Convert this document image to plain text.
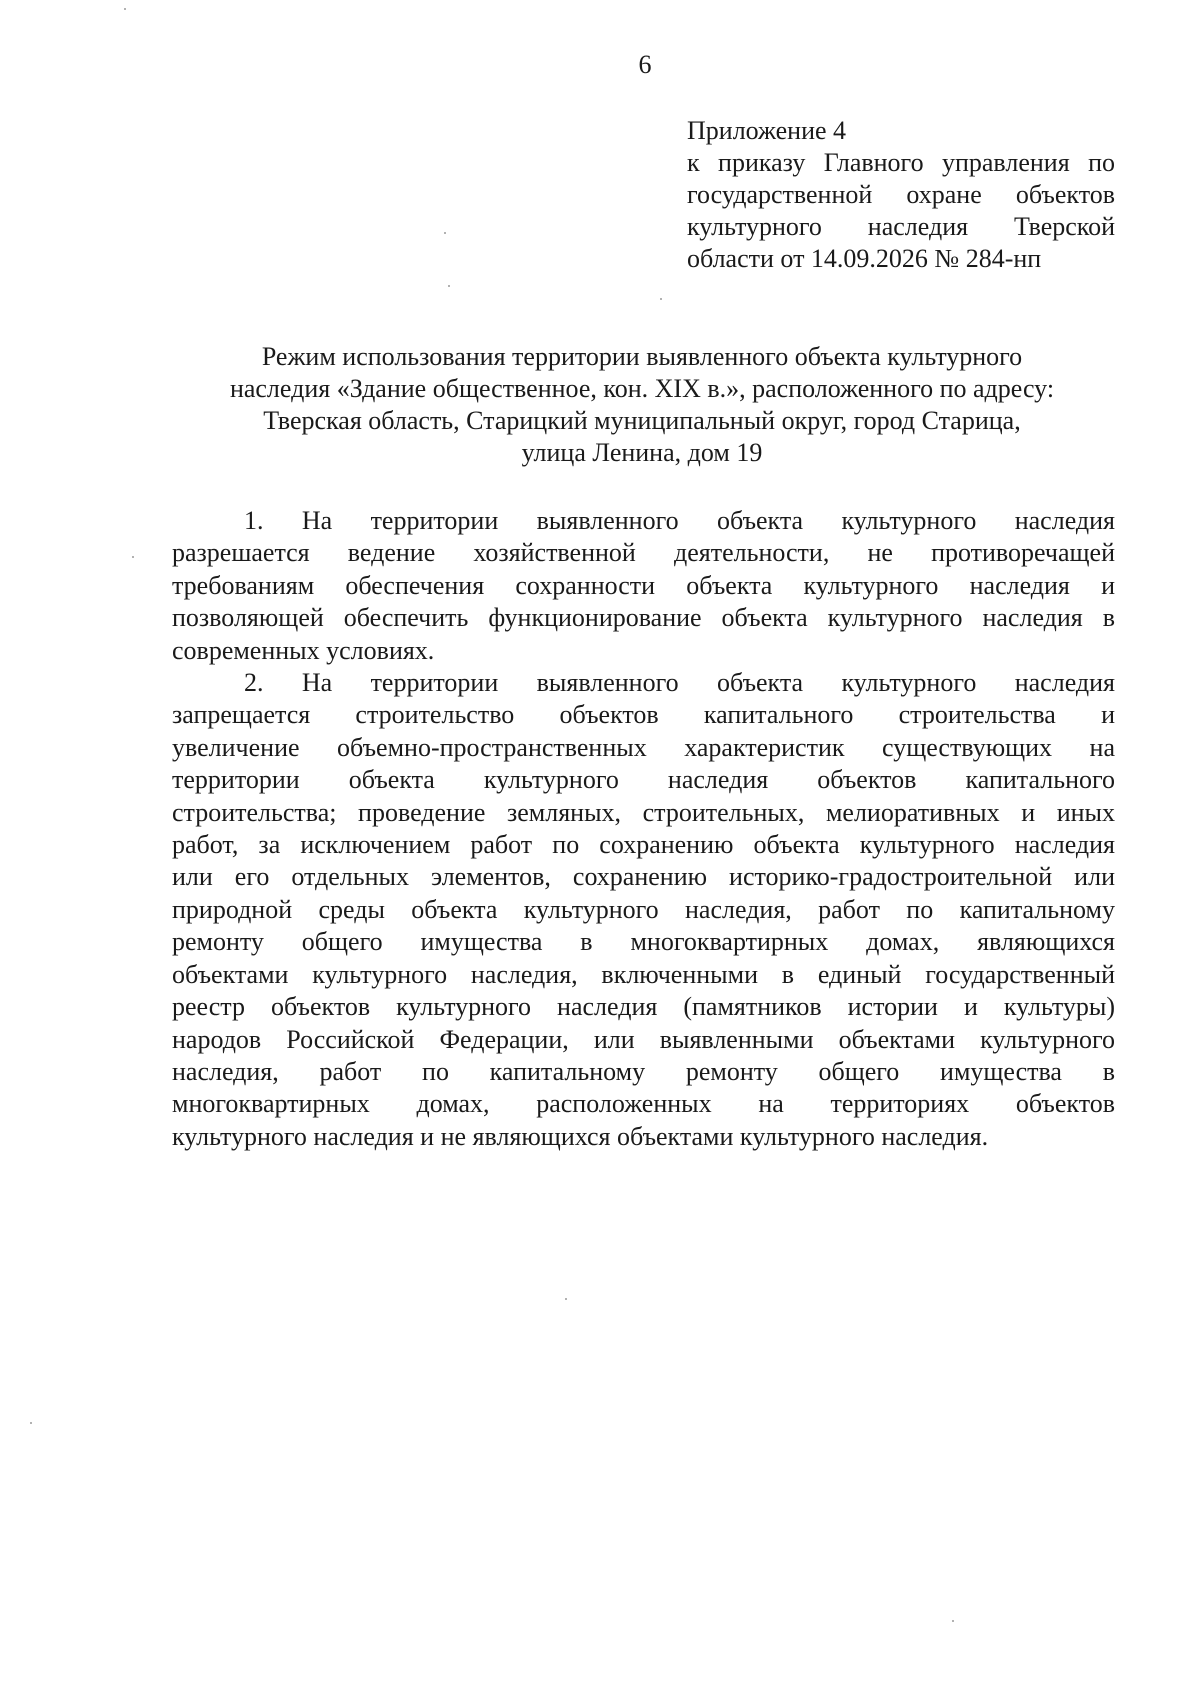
6
Приложение 4
к приказу Главного управления по
государственной охране объектов
культурного наследия Тверской
области от 14.09.2026 № 284-нп
Режим использования территории выявленного объекта культурного
наследия «Здание общественное, кон. XIX в.», расположенного по адресу:
Тверская область, Старицкий муниципальный округ, город Старица,
улица Ленина, дом 19
1. На территории выявленного объекта культурного наследия
разрешается ведение хозяйственной деятельности, не противоречащей
требованиям обеспечения сохранности объекта культурного наследия и
позволяющей обеспечить функционирование объекта культурного наследия в
современных условиях.
2. На территории выявленного объекта культурного наследия
запрещается строительство объектов капитального строительства и
увеличение объемно-пространственных характеристик существующих на
территории объекта культурного наследия объектов капитального
строительства; проведение земляных, строительных, мелиоративных и иных
работ, за исключением работ по сохранению объекта культурного наследия
или его отдельных элементов, сохранению историко-градостроительной или
природной среды объекта культурного наследия, работ по капитальному
ремонту общего имущества в многоквартирных домах, являющихся
объектами культурного наследия, включенными в единый государственный
реестр объектов культурного наследия (памятников истории и культуры)
народов Российской Федерации, или выявленными объектами культурного
наследия, работ по капитальному ремонту общего имущества в
многоквартирных домах, расположенных на территориях объектов
культурного наследия и не являющихся объектами культурного наследия.
